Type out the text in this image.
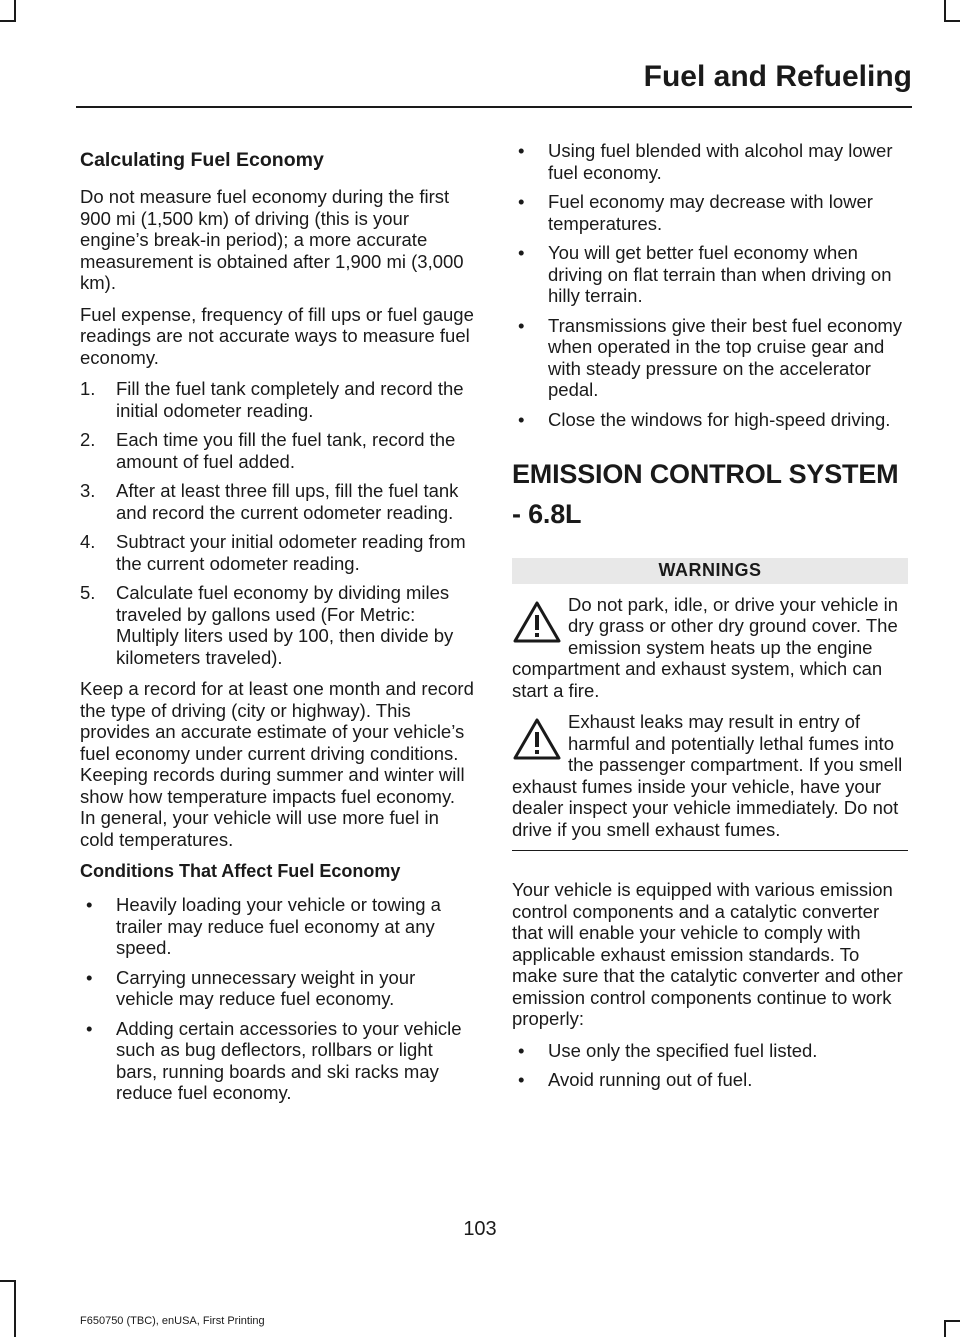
Fuel and Refueling
Calculating Fuel Economy

Do not measure fuel economy during the first 900 mi (1,500 km) of driving (this is your engine’s break-in period); a more accurate measurement is obtained after 1,900 mi (3,000 km).

Fuel expense, frequency of fill ups or fuel gauge readings are not accurate ways to measure fuel economy.

1. Fill the fuel tank completely and record the initial odometer reading.
2. Each time you fill the fuel tank, record the amount of fuel added.
3. After at least three fill ups, fill the fuel tank and record the current odometer reading.
4. Subtract your initial odometer reading from the current odometer reading.
5. Calculate fuel economy by dividing miles traveled by gallons used (For Metric: Multiply liters used by 100, then divide by kilometers traveled).

Keep a record for at least one month and record the type of driving (city or highway). This provides an accurate estimate of your vehicle’s fuel economy under current driving conditions. Keeping records during summer and winter will show how temperature impacts fuel economy. In general, your vehicle will use more fuel in cold temperatures.

Conditions That Affect Fuel Economy
• Heavily loading your vehicle or towing a trailer may reduce fuel economy at any speed.
• Carrying unnecessary weight in your vehicle may reduce fuel economy.
• Adding certain accessories to your vehicle such as bug deflectors, rollbars or light bars, running boards and ski racks may reduce fuel economy.
• Using fuel blended with alcohol may lower fuel economy.
• Fuel economy may decrease with lower temperatures.
• You will get better fuel economy when driving on flat terrain than when driving on hilly terrain.
• Transmissions give their best fuel economy when operated in the top cruise gear and with steady pressure on the accelerator pedal.
• Close the windows for high-speed driving.
EMISSION CONTROL SYSTEM - 6.8L
WARNINGS
Do not park, idle, or drive your vehicle in dry grass or other dry ground cover. The emission system heats up the engine compartment and exhaust system, which can start a fire.
Exhaust leaks may result in entry of harmful and potentially lethal fumes into the passenger compartment. If you smell exhaust fumes inside your vehicle, have your dealer inspect your vehicle immediately. Do not drive if you smell exhaust fumes.

Your vehicle is equipped with various emission control components and a catalytic converter that will enable your vehicle to comply with applicable exhaust emission standards. To make sure that the catalytic converter and other emission control components continue to work properly:

• Use only the specified fuel listed.
• Avoid running out of fuel.
103
F650750 (TBC), enUSA, First Printing
